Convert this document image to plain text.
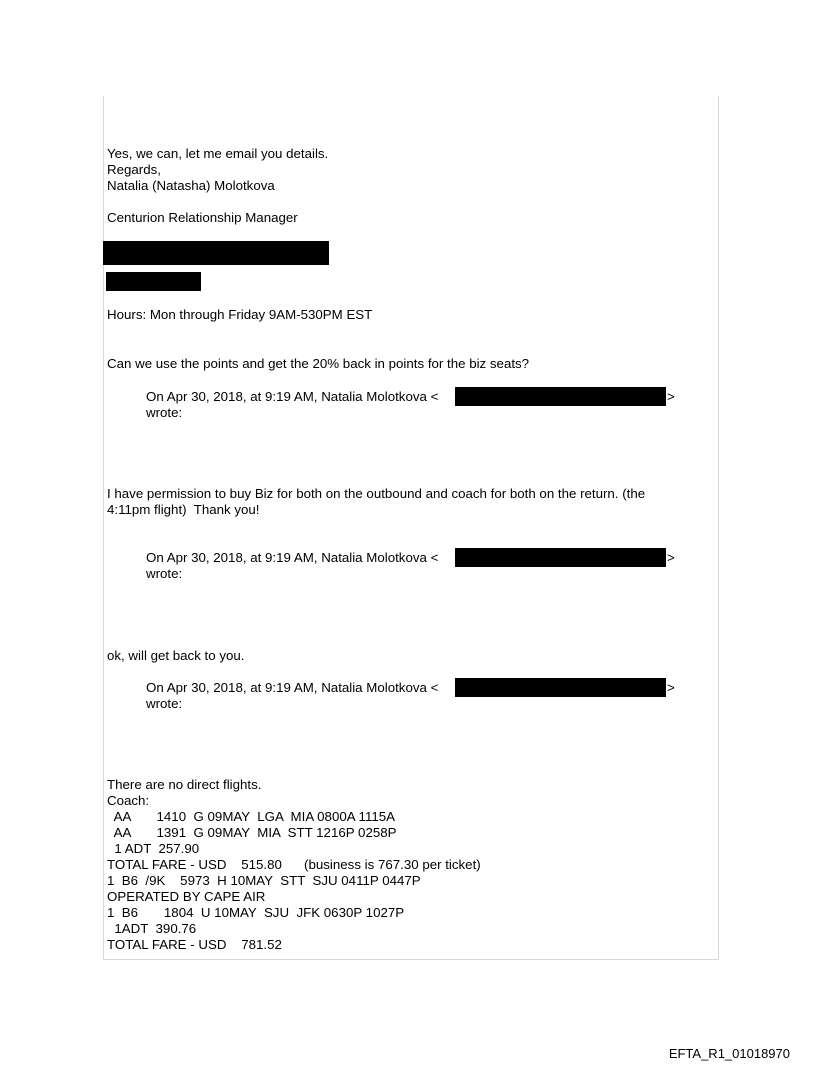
Yes, we can, let me email you details.
Regards,
Natalia (Natasha) Molotkova
Centurion Relationship Manager
Hours: Mon through Friday 9AM-530PM EST
Can we use the points and get the 20% back in points for the biz seats?
On Apr 30, 2018, at 9:19 AM, Natalia Molotkova <	>
wrote:
I have permission to buy Biz for both on the outbound and coach for both on the return. (the
4:11pm flight)  Thank you!
On Apr 30, 2018, at 9:19 AM, Natalia Molotkova <	>
wrote:
ok, will get back to you.
On Apr 30, 2018, at 9:19 AM, Natalia Molotkova <	>
wrote:
There are no direct flights.
Coach:
AA       1410  G 09MAY  LGA  MIA 0800A 1115A
AA       1391  G 09MAY  MIA  STT 1216P 0258P
1 ADT  257.90
TOTAL FARE - USD    515.80      (business is 767.30 per ticket)
1  B6  /9K    5973  H 10MAY  STT  SJU 0411P 0447P
OPERATED BY CAPE AIR
1  B6       1804  U 10MAY  SJU  JFK 0630P 1027P
1ADT  390.76
TOTAL FARE - USD    781.52
EFTA_R1_01018970
